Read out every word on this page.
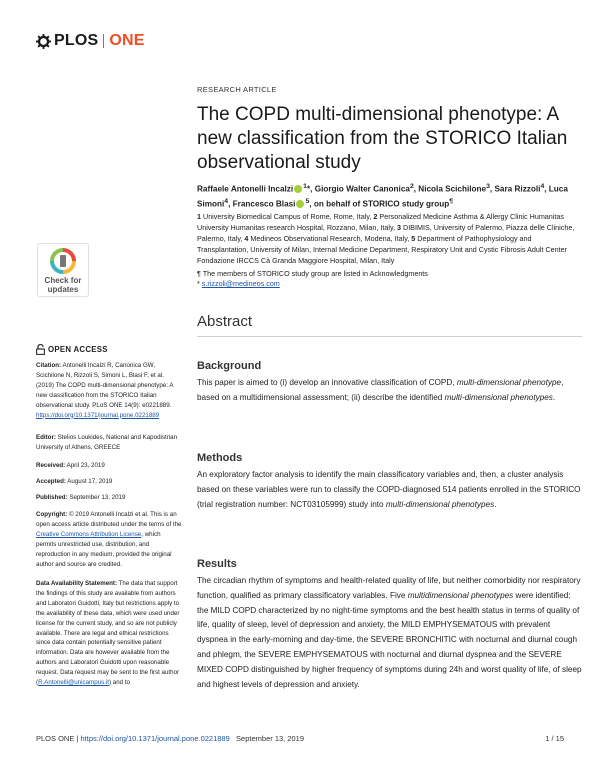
PLOS ONE
Check for
updates
RESEARCH ARTICLE
The COPD multi-dimensional phenotype: A new classification from the STORICO Italian observational study
Raffaele Antonelli Incalzi $^1$*, Giorgio Walter Canonica$^2$, Nicola Scichilone$^3$, Sara Rizzoli$^4$, Luca Simoni$^4$, Francesco Blasi $^5$, on behalf of STORICO study group¶
1 University Biomedical Campus of Rome, Rome, Italy, 2 Personalized Medicine Asthma & Allergy Clinic Humanitas University Humanitas research Hospital, Rozzano, Milan, Italy, 3 DIBIMIS, University of Palermo, Piazza delle Cliniche, Palermo, Italy, 4 Medineos Observational Research, Modena, Italy, 5 Department of Pathophysiology and Transplantation, University of Milan, Internal Medicine Department, Respiratory Unit and Cystic Fibrosis Adult Center Fondazione IRCCS Cà Granda Maggiore Hospital, Milan, Italy
¶ The members of STORICO study group are listed in Acknowledgments
* s.rizzoli@medineos.com
Abstract
Background
This paper is aimed to (i) develop an innovative classification of COPD, multi-dimensional phenotype, based on a multidimensional assessment; (ii) describe the identified multi-dimensional phenotypes.
Methods
An exploratory factor analysis to identify the main classificatory variables and, then, a cluster analysis based on these variables were run to classify the COPD-diagnosed 514 patients enrolled in the STORICO (trial registration number: NCT03105999) study into multi-dimensional phenotypes.
Results
The circadian rhythm of symptoms and health-related quality of life, but neither comorbidity nor respiratory function, qualified as primary classificatory variables. Five multidimensional phenotypes were identified: the MILD COPD characterized by no night-time symptoms and the best health status in terms of quality of life, quality of sleep, level of depression and anxiety, the MILD EMPHYSEMATOUS with prevalent dyspnea in the early-morning and day-time, the SEVERE BRONCHITIC with nocturnal and diurnal cough and phlegm, the SEVERE EMPHYSEMATOUS with nocturnal and diurnal dyspnea and the SEVERE MIXED COPD distinguished by higher frequency of symptoms during 24h and worst quality of life, of sleep and highest levels of depression and anxiety.
OPEN ACCESS
Citation: Antonelli Incalzi R, Canonica GW, Scichilone N, Rizzoli S, Simoni L, Blasi F, et al. (2019) The COPD multi-dimensional phenotype: A new classification from the STORICO Italian observational study. PLoS ONE 14(9): e0221889. https://doi.org/10.1371/journal.pone.0221889
Editor: Stelios Loukides, National and Kapodistrian University of Athens, GREECE
Received: April 23, 2019
Accepted: August 17, 2019
Published: September 13, 2019
Copyright: © 2019 Antonelli Incalzi et al. This is an open access article distributed under the terms of the Creative Commons Attribution License, which permits unrestricted use, distribution, and reproduction in any medium, provided the original author and source are credited.
Data Availability Statement: The data that support the findings of this study are available from authors and Laboratori Guidotti, Italy but restrictions apply to the availability of these data, which were used under license for the current study, and so are not publicly available. There are legal and ethical restrictions since data contain potentially sensitive patient information. Data are however available from the authors and Laboratori Guidotti upon reasonable request. Data request may be sent to the first author (R.Antonelli@unicampus.it) and to
PLOS ONE | https://doi.org/10.1371/journal.pone.0221889 September 13, 2019	1 / 15
